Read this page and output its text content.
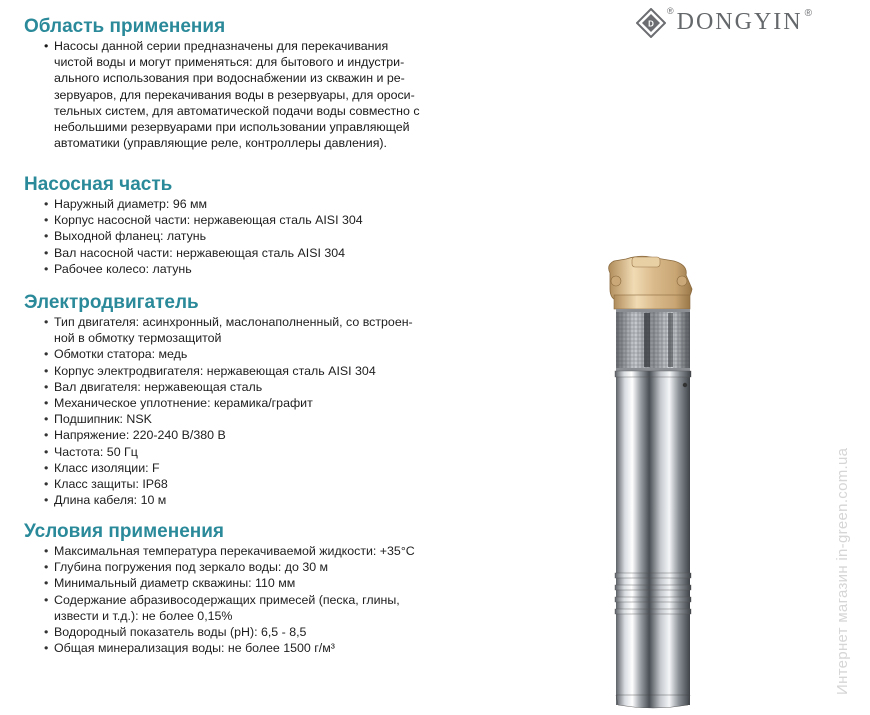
D
® DONGYIN ®
Область применения
• Насосы данной серии предназначены для перекачивания
чистой воды и могут применяться: для бытового и индустри-
ального использования при водоснабжении из скважин и ре-
зервуаров, для перекачивания воды в резервуары, для ороси-
тельных систем, для автоматической подачи воды совместно с
небольшими резервуарами при использовании управляющей
автоматики (управляющие реле, контроллеры давления).
Насосная часть
• Наружный диаметр: 96 мм
• Корпус насосной части: нержавеющая сталь AISI 304
• Выходной фланец: латунь
• Вал насосной части: нержавеющая сталь AISI 304
• Рабочее колесо: латунь
Электродвигатель
• Тип двигателя: асинхронный, маслонаполненный, со встроен-
ной в обмотку термозащитой
• Обмотки статора: медь
• Корпус электродвигателя: нержавеющая сталь AISI 304
• Вал двигателя: нержавеющая сталь
• Механическое уплотнение: керамика/графит
• Подшипник: NSK
• Напряжение: 220-240 В/380 В
• Частота: 50 Гц
• Класс изоляции: F
• Класс защиты: IP68
• Длина кабеля: 10 м
Условия применения
• Максимальная температура перекачиваемой жидкости: +35°C
• Глубина погружения под зеркало воды: до 30 м
• Минимальный диаметр скважины: 110 мм
• Содержание абразивосодержащих примесей (песка, глины,
извести и т.д.): не более 0,15%
• Водородный показатель воды (pH): 6,5 - 8,5
• Общая минерализация воды: не более 1500 г/м³	Интернет магазин in-green.com.ua
